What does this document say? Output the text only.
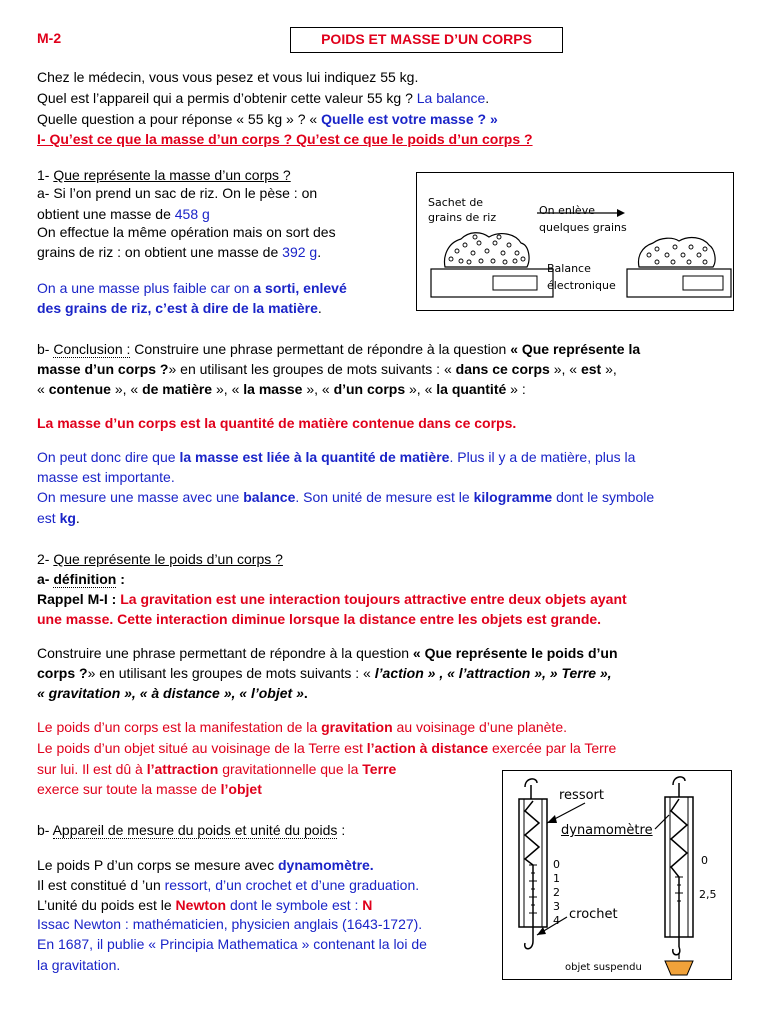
M-2	POIDS ET MASSE D’UN CORPS
Chez le médecin, vous vous pesez et vous lui indiquez 55 kg.
Quel est l’appareil qui a permis d’obtenir cette valeur 55 kg ? La balance.
Quelle question a pour réponse « 55 kg » ? « Quelle est votre masse ? »
I- Qu’est ce que la masse d’un corps ? Qu’est ce que le poids d’un corps ?
1- Que représente la masse d’un corps ?
a- Si l’on prend un sac de riz. On le pèse : on
obtient une masse de 458 g
On effectue la même opération mais on sort des
grains de riz : on obtient une masse de 392 g.
On a une masse plus faible car on a sorti, enlevé
des grains de riz, c’est à dire de la matière.
Sachet de
grains de riz
On enlève
quelques grains
Balance
électronique
b- Conclusion : Construire une phrase permettant de répondre à la question « Que représente la
masse d’un corps ?» en utilisant les groupes de mots suivants : « dans ce corps », « est »,
« contenue », « de matière », « la masse », « d’un corps », « la quantité » :
La masse d’un corps est la quantité de matière contenue dans ce corps.
On peut donc dire que la masse est liée à la quantité de matière. Plus il y a de matière, plus la
masse est importante.
On mesure une masse avec une balance. Son unité de mesure est le kilogramme dont le symbole
est kg.
2- Que représente le poids d’un corps ?
a- définition :
Rappel M-I : La gravitation est une interaction toujours attractive entre deux objets ayant
une masse. Cette interaction diminue lorsque la distance entre les objets est grande.
Construire une phrase permettant de répondre à la question « Que représente le poids d’un
corps ?» en utilisant les groupes de mots suivants : « l’action » , « l’attraction », » Terre »,
« gravitation », « à distance », « l’objet ».
Le poids d’un corps est la manifestation de la gravitation au voisinage d’une planète.
Le poids d’un objet situé au voisinage de la Terre est l’action à distance exercée par la Terre
sur lui. Il est dû à l’attraction gravitationnelle que la Terre
exerce sur toute la masse de l’objet
b- Appareil de mesure du poids et unité du poids :
Le poids P d’un corps se mesure avec dynamomètre.
Il est constitué d ’un ressort, d’un crochet et d’une graduation.
L’unité du poids est le Newton dont le symbole est : N
Issac Newton : mathématicien, physicien anglais (1643-1727).
En 1687, il publie « Principia Mathematica » contenant la loi de
la gravitation.
ressort
dynamomètre
crochet
objet suspendu
0
1
2
3
4
0
2,5
